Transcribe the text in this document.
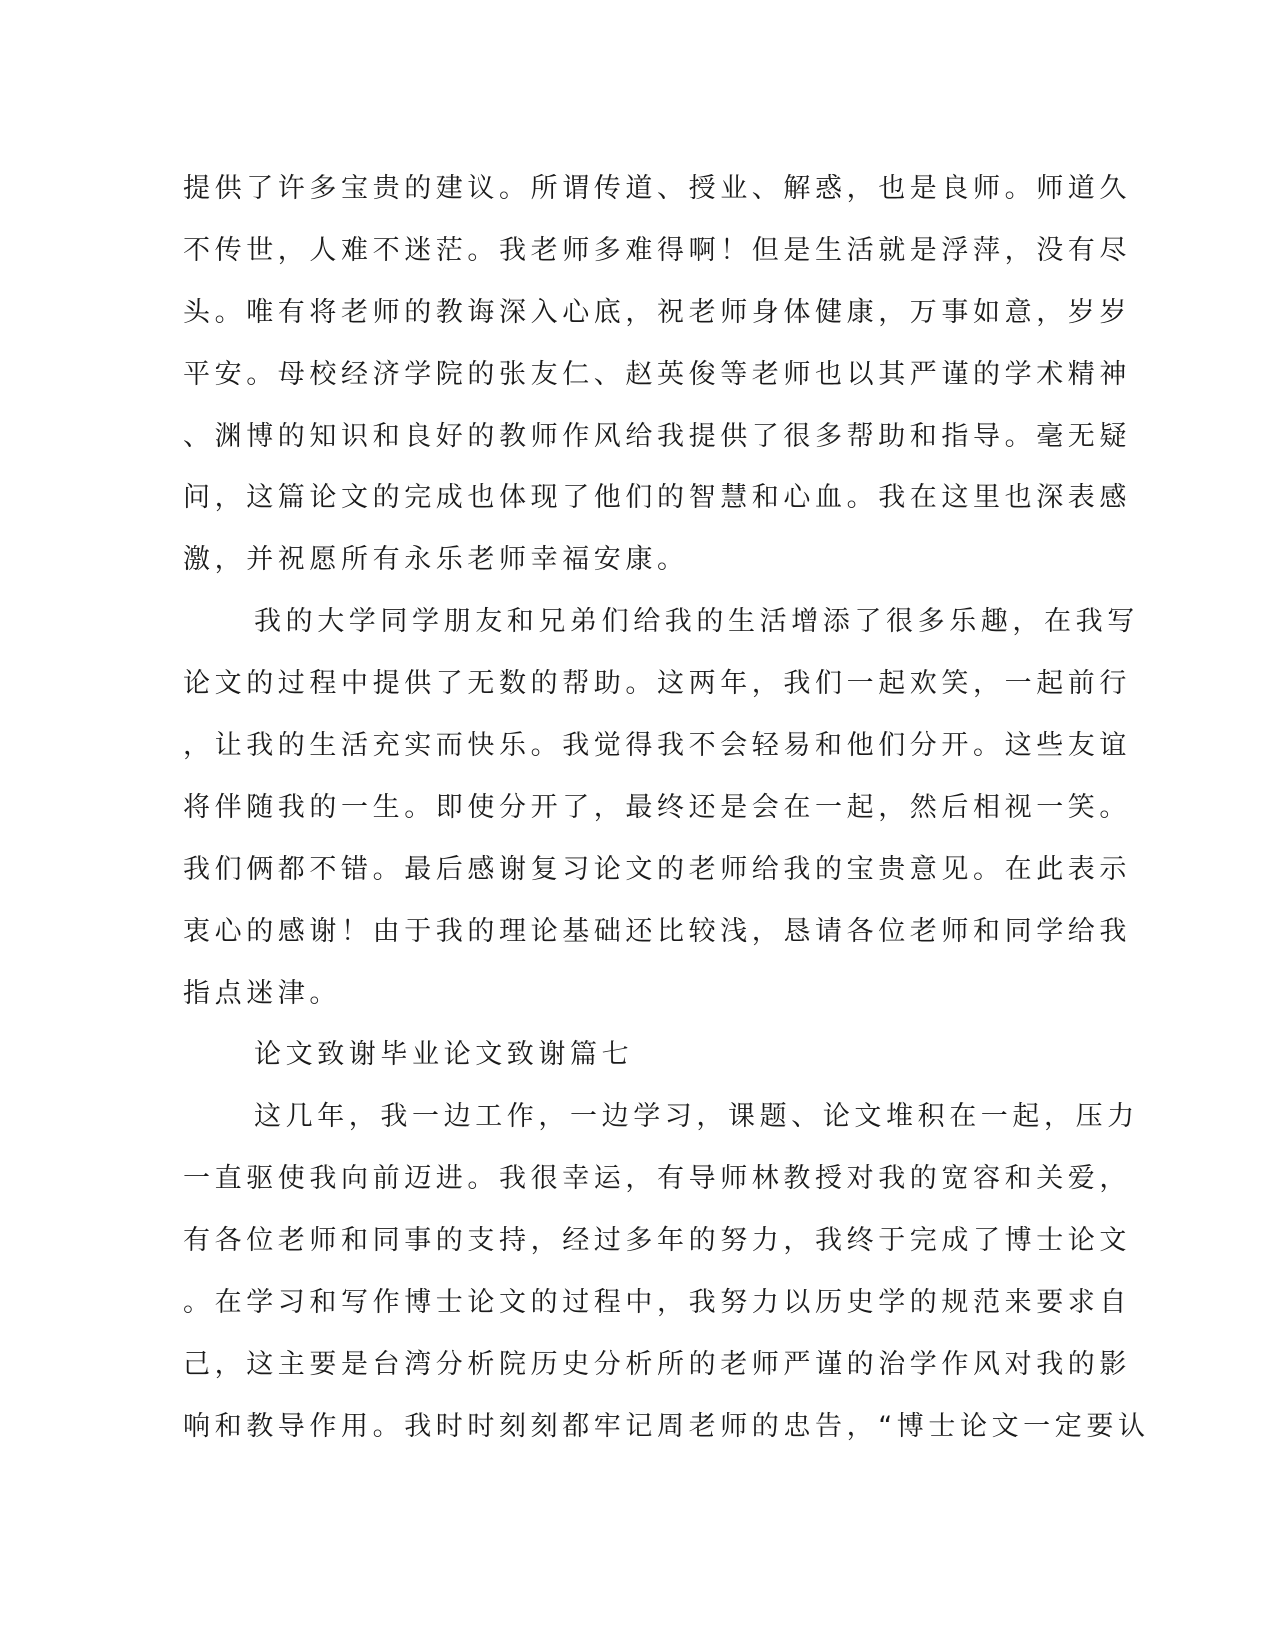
提供了许多宝贵的建议。所谓传道、授业、解惑，也是良师。师道久
不传世，人难不迷茫。我老师多难得啊！但是生活就是浮萍，没有尽
头。唯有将老师的教诲深入心底，祝老师身体健康，万事如意，岁岁
平安。母校经济学院的张友仁、赵英俊等老师也以其严谨的学术精神
、渊博的知识和良好的教师作风给我提供了很多帮助和指导。毫无疑
问，这篇论文的完成也体现了他们的智慧和心血。我在这里也深表感
激，并祝愿所有永乐老师幸福安康。
我的大学同学朋友和兄弟们给我的生活增添了很多乐趣，在我写
论文的过程中提供了无数的帮助。这两年，我们一起欢笑，一起前行
，让我的生活充实而快乐。我觉得我不会轻易和他们分开。这些友谊
将伴随我的一生。即使分开了，最终还是会在一起，然后相视一笑。
我们俩都不错。最后感谢复习论文的老师给我的宝贵意见。在此表示
衷心的感谢！由于我的理论基础还比较浅，恳请各位老师和同学给我
指点迷津。
论文致谢毕业论文致谢篇七
这几年，我一边工作，一边学习，课题、论文堆积在一起，压力
一直驱使我向前迈进。我很幸运，有导师林教授对我的宽容和关爱，
有各位老师和同事的支持，经过多年的努力，我终于完成了博士论文
。在学习和写作博士论文的过程中，我努力以历史学的规范来要求自
己，这主要是台湾分析院历史分析所的老师严谨的治学作风对我的影
响和教导作用。我时时刻刻都牢记周老师的忠告，“博士论文一定要认
